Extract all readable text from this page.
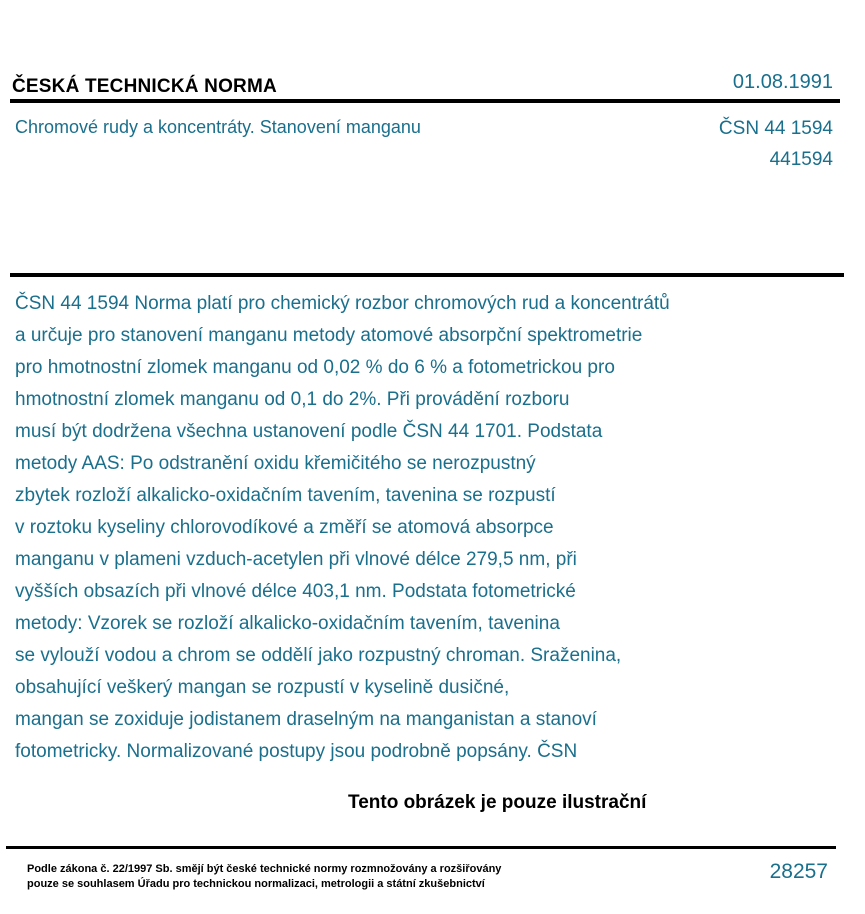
ČESKÁ TECHNICKÁ NORMA	01.08.1991
Chromové rudy a koncentráty. Stanovení manganu	ČSN 44 1594
441594
ČSN 44 1594 Norma platí pro chemický rozbor chromových rud a koncentrátů
a určuje pro stanovení manganu metody atomové absorpční spektrometrie
pro hmotnostní zlomek manganu od 0,02 % do 6 % a fotometrickou pro
hmotnostní zlomek manganu od 0,1 do 2%. Při provádění rozboru
musí být dodržena všechna ustanovení podle ČSN 44 1701. Podstata
metody AAS: Po odstranění oxidu křemičitého se nerozpustný
zbytek rozloží alkalicko-oxidačním tavením, tavenina se rozpustí
v roztoku kyseliny chlorovodíkové a změří se atomová absorpce
manganu v plameni vzduch-acetylen při vlnové délce 279,5 nm, při
vyšších obsazích při vlnové délce 403,1 nm. Podstata fotometrické
metody: Vzorek se rozloží alkalicko-oxidačním tavením, tavenina
se vylouží vodou a chrom se oddělí jako rozpustný chroman. Sraženina,
obsahující veškerý mangan se rozpustí v kyselině dusičné,
mangan se zoxiduje jodistanem draselným na manganistan a stanoví
fotometricky. Normalizované postupy jsou podrobně popsány. ČSN
Tento obrázek je pouze ilustrační
Podle zákona č. 22/1997 Sb. smějí být české technické normy rozmnožovány a rozšiřovány
pouze se souhlasem Úřadu pro technickou normalizaci, metrologii a státní zkušebnictví
28257
